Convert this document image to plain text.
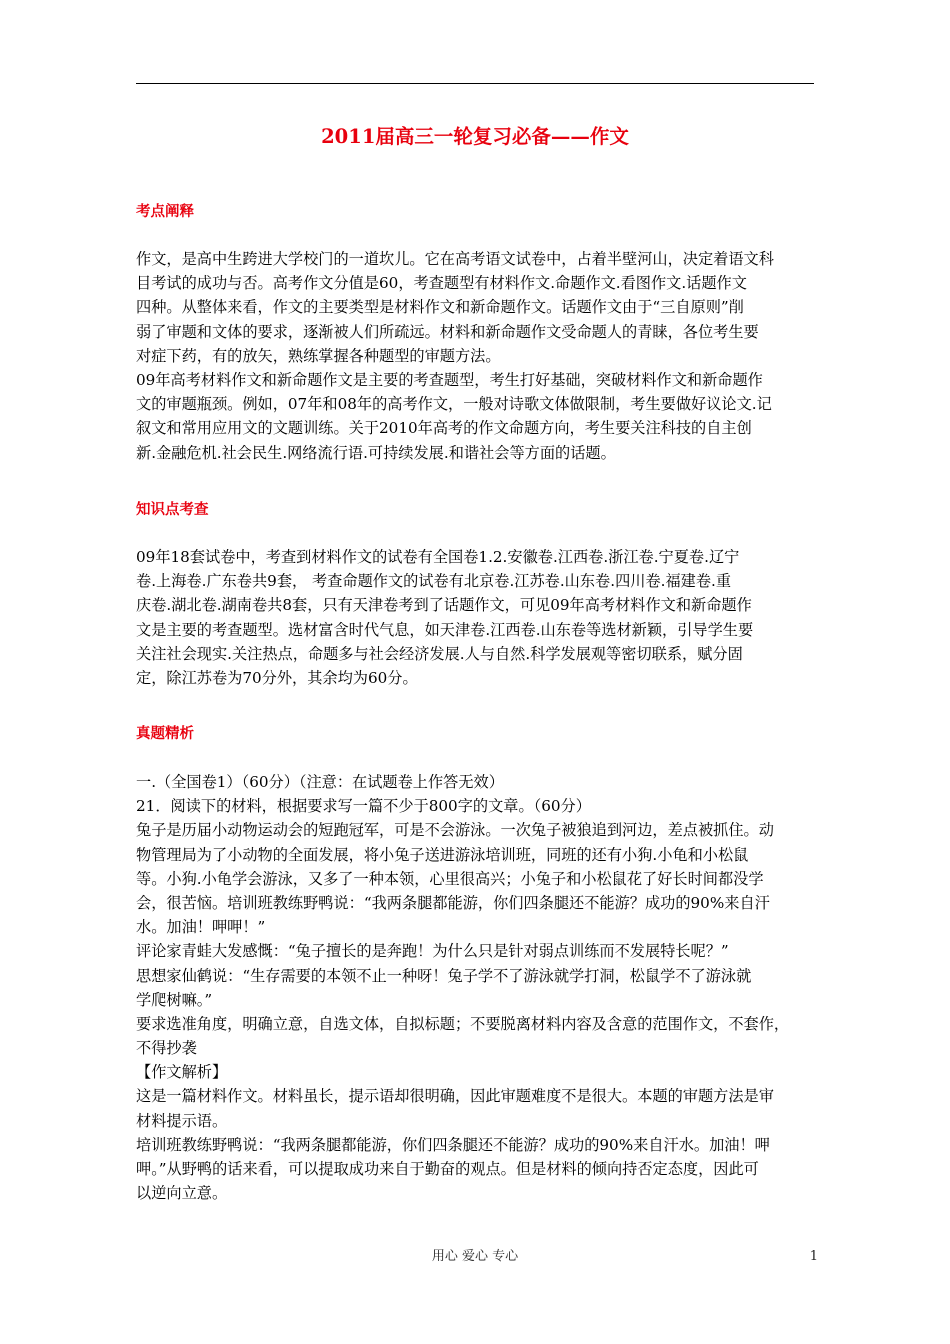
2011届高三一轮复习必备——作文
考点阐释
作文，是高中生跨进大学校门的一道坎儿。它在高考语文试卷中，占着半壁河山，决定着语文科
目考试的成功与否。高考作文分值是60，考查题型有材料作文.命题作文.看图作文.话题作文
四种。从整体来看，作文的主要类型是材料作文和新命题作文。话题作文由于“三自原则”削
弱了审题和文体的要求，逐渐被人们所疏远。材料和新命题作文受命题人的青睐，各位考生要
对症下药，有的放矢，熟练掌握各种题型的审题方法。
09年高考材料作文和新命题作文是主要的考查题型，考生打好基础，突破材料作文和新命题作
文的审题瓶颈。例如，07年和08年的高考作文，一般对诗歌文体做限制，考生要做好议论文.记
叙文和常用应用文的文题训练。关于2010年高考的作文命题方向，考生要关注科技的自主创
新.金融危机.社会民生.网络流行语.可持续发展.和谐社会等方面的话题。
知识点考查
09年18套试卷中，考查到材料作文的试卷有全国卷1.2.安徽卷.江西卷.浙江卷.宁夏卷.辽宁
卷.上海卷.广东卷共9套， 考查命题作文的试卷有北京卷.江苏卷.山东卷.四川卷.福建卷.重
庆卷.湖北卷.湖南卷共8套，只有天津卷考到了话题作文，可见09年高考材料作文和新命题作
文是主要的考查题型。选材富含时代气息，如天津卷.江西卷.山东卷等选材新颖，引导学生要
关注社会现实.关注热点，命题多与社会经济发展.人与自然.科学发展观等密切联系，赋分固
定，除江苏卷为70分外，其余均为60分。
真题精析
一.（全国卷1）（60分）（注意：在试题卷上作答无效）
21．阅读下的材料，根据要求写一篇不少于800字的文章。（60分）
兔子是历届小动物运动会的短跑冠军，可是不会游泳。一次兔子被狼追到河边，差点被抓住。动
物管理局为了小动物的全面发展，将小兔子送进游泳培训班，同班的还有小狗.小龟和小松鼠
等。小狗.小龟学会游泳，又多了一种本领，心里很高兴；小兔子和小松鼠花了好长时间都没学
会，很苦恼。培训班教练野鸭说：“我两条腿都能游，你们四条腿还不能游？成功的90%来自汗
水。加油！呷呷！”
评论家青蛙大发感慨：“兔子擅长的是奔跑！为什么只是针对弱点训练而不发展特长呢？”
思想家仙鹤说：“生存需要的本领不止一种呀！兔子学不了游泳就学打洞，松鼠学不了游泳就
学爬树嘛。”
要求选准角度，明确立意，自选文体，自拟标题；不要脱离材料内容及含意的范围作文，不套作，
不得抄袭
【作文解析】
这是一篇材料作文。材料虽长，提示语却很明确，因此审题难度不是很大。本题的审题方法是审
材料提示语。
培训班教练野鸭说：“我两条腿都能游，你们四条腿还不能游？成功的90%来自汗水。加油！呷
呷。”从野鸭的话来看，可以提取成功来自于勤奋的观点。但是材料的倾向持否定态度，因此可
以逆向立意。

用心 爱心 专心	1
